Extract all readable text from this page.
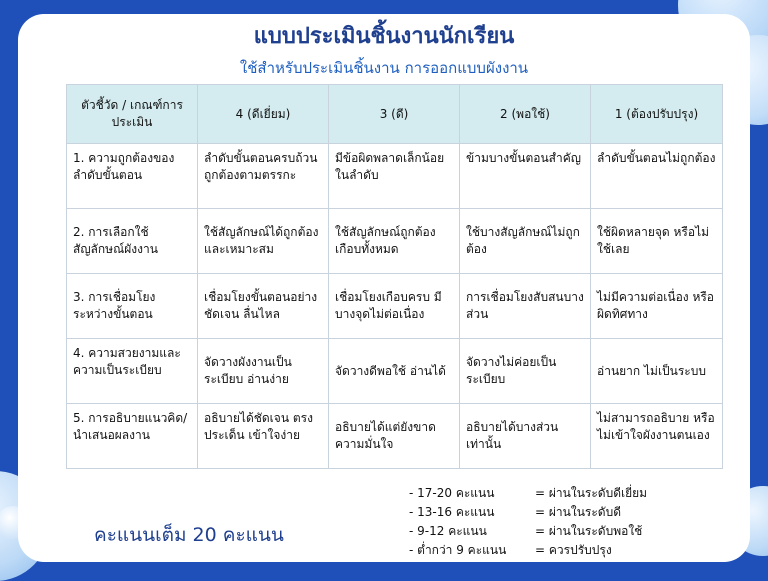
แบบประเมินชิ้นงานนักเรียน

ใช้สำหรับประเมินชิ้นงาน การออกแบบผังงาน

ตัวชี้วัด / เกณฑ์การประเมิน	4 (ดีเยี่ยม)	3 (ดี)	2 (พอใช้)	1 (ต้องปรับปรุง)
1. ความถูกต้องของลำดับขั้นตอน	ลำดับขั้นตอนครบถ้วน ถูกต้องตามตรรกะ	มีข้อผิดพลาดเล็กน้อยในลำดับ	ข้ามบางขั้นตอนสำคัญ	ลำดับขั้นตอนไม่ถูกต้อง
2. การเลือกใช้สัญลักษณ์ผังงาน	ใช้สัญลักษณ์ได้ถูกต้องและเหมาะสม	ใช้สัญลักษณ์ถูกต้องเกือบทั้งหมด	ใช้บางสัญลักษณ์ไม่ถูกต้อง	ใช้ผิดหลายจุด หรือไม่ใช้เลย
3. การเชื่อมโยงระหว่างขั้นตอน	เชื่อมโยงขั้นตอนอย่างชัดเจน ลื่นไหล	เชื่อมโยงเกือบครบ มีบางจุดไม่ต่อเนื่อง	การเชื่อมโยงสับสนบางส่วน	ไม่มีความต่อเนื่อง หรือผิดทิศทาง
4. ความสวยงามและความเป็นระเบียบ	จัดวางผังงานเป็นระเบียบ อ่านง่าย	จัดวางดีพอใช้ อ่านได้	จัดวางไม่ค่อยเป็นระเบียบ	อ่านยาก ไม่เป็นระบบ
5. การอธิบายแนวคิด/นำเสนอผลงาน	อธิบายได้ชัดเจน ตรงประเด็น เข้าใจง่าย	อธิบายได้แต่ยังขาดความมั่นใจ	อธิบายได้บางส่วนเท่านั้น	ไม่สามารถอธิบาย หรือไม่เข้าใจผังงานตนเอง

คะแนนเต็ม 20 คะแนน

- 17-20 คะแนน	= ผ่านในระดับดีเยี่ยม
- 13-16 คะแนน	= ผ่านในระดับดี
- 9-12 คะแนน	= ผ่านในระดับพอใช้
- ต่ำกว่า 9 คะแนน	= ควรปรับปรุง
